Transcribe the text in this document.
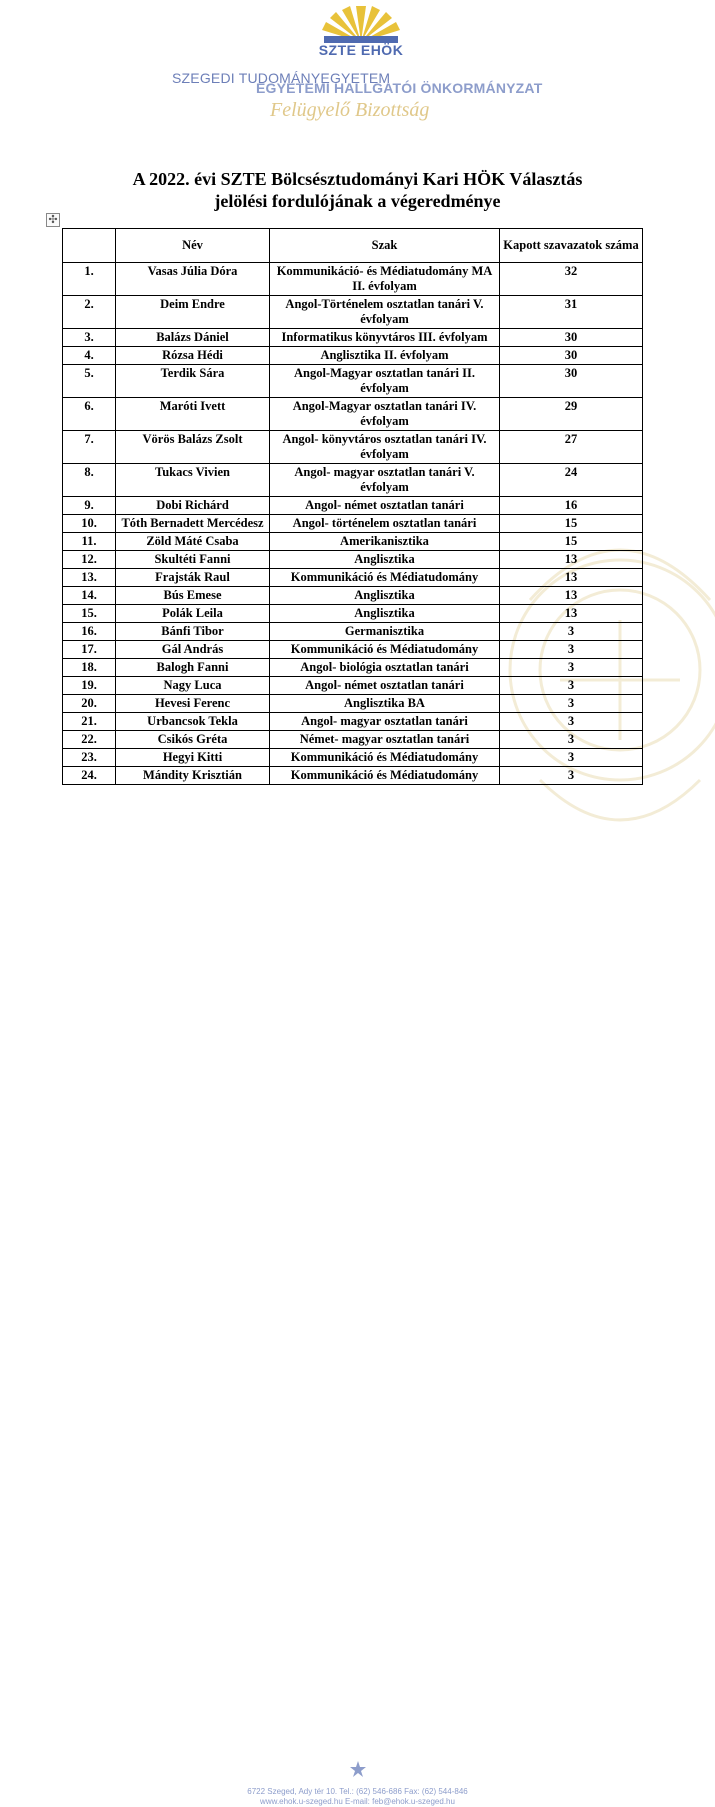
SZTE EHÖK
SZEGEDI TUDOMÁNYEGYETEM
EGYETEMI HALLGATÓI ÖNKORMÁNYZAT
Felügyelő Bizottság
A 2022. évi SZTE Bölcsésztudományi Kari HÖK Választás
jelölési fordulójának a végeredménye
✣
	Név	Szak	Kapott szavazatok száma
1.	Vasas Júlia Dóra	Kommunikáció- és Médiatudomány MA II. évfolyam	32
2.	Deim Endre	Angol-Történelem osztatlan tanári V. évfolyam	31
3.	Balázs Dániel	Informatikus könyvtáros III. évfolyam	30
4.	Rózsa Hédi	Anglisztika II. évfolyam	30
5.	Terdik Sára	Angol-Magyar osztatlan tanári II. évfolyam	30
6.	Maróti Ivett	Angol-Magyar osztatlan tanári IV. évfolyam	29
7.	Vörös Balázs Zsolt	Angol- könyvtáros osztatlan tanári IV. évfolyam	27
8.	Tukacs Vivien	Angol- magyar osztatlan tanári V. évfolyam	24
9.	Dobi Richárd	Angol- német osztatlan tanári	16
10.	Tóth Bernadett Mercédesz	Angol- történelem osztatlan tanári	15
11.	Zöld Máté Csaba	Amerikanisztika	15
12.	Skultéti Fanni	Anglisztika	13
13.	Frajsták Raul	Kommunikáció és Médiatudomány	13
14.	Bús Emese	Anglisztika	13
15.	Polák Leila	Anglisztika	13
16.	Bánfi Tibor	Germanisztika	3
17.	Gál András	Kommunikáció és Médiatudomány	3
18.	Balogh Fanni	Angol- biológia osztatlan tanári	3
19.	Nagy Luca	Angol- német osztatlan tanári	3
20.	Hevesi Ferenc	Anglisztika BA	3
21.	Urbancsok Tekla	Angol- magyar osztatlan tanári	3
22.	Csikós Gréta	Német- magyar osztatlan tanári	3
23.	Hegyi Kitti	Kommunikáció és Médiatudomány	3
24.	Mándity Krisztián	Kommunikáció és Médiatudomány	3
6722 Szeged, Ady tér 10. Tel.: (62) 546-686 Fax: (62) 544-846
www.ehok.u-szeged.hu E-mail: feb@ehok.u-szeged.hu
